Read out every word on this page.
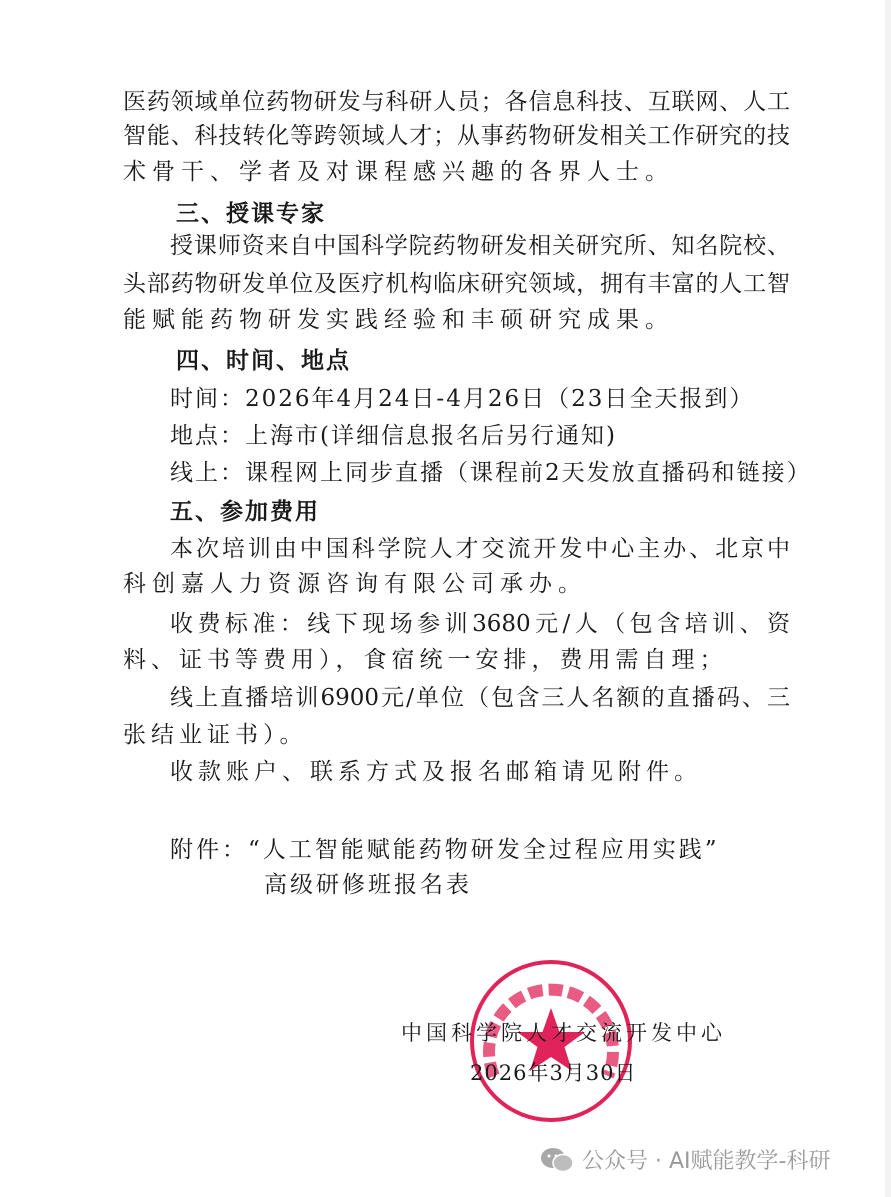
医药领域单位药物研发与科研人员；各信息科技、互联网、人工
智能、科技转化等跨领域人才；从事药物研发相关工作研究的技
术骨干、学者及对课程感兴趣的各界人士。
三、授课专家
授课师资来自中国科学院药物研发相关研究所、知名院校、
头部药物研发单位及医疗机构临床研究领域，拥有丰富的人工智
能赋能药物研发实践经验和丰硕研究成果。
四、时间、地点
时间：2026年4月24日-4月26日（23日全天报到）
地点：上海市(详细信息报名后另行通知)
线上：课程网上同步直播（课程前2天发放直播码和链接）
五、参加费用
本次培训由中国科学院人才交流开发中心主办、北京中
科创嘉人力资源咨询有限公司承办。
收费标准：线下现场参训3680元/人（包含培训、资
料、证书等费用），食宿统一安排，费用需自理；
线上直播培训6900元/单位（包含三人名额的直播码、三
张结业证书）。
收款账户、联系方式及报名邮箱请见附件。
附件：“人工智能赋能药物研发全过程应用实践”
高级研修班报名表
中国科学院人才交流开发中心
2026年3月30日
公众号 · AI赋能教学-科研
